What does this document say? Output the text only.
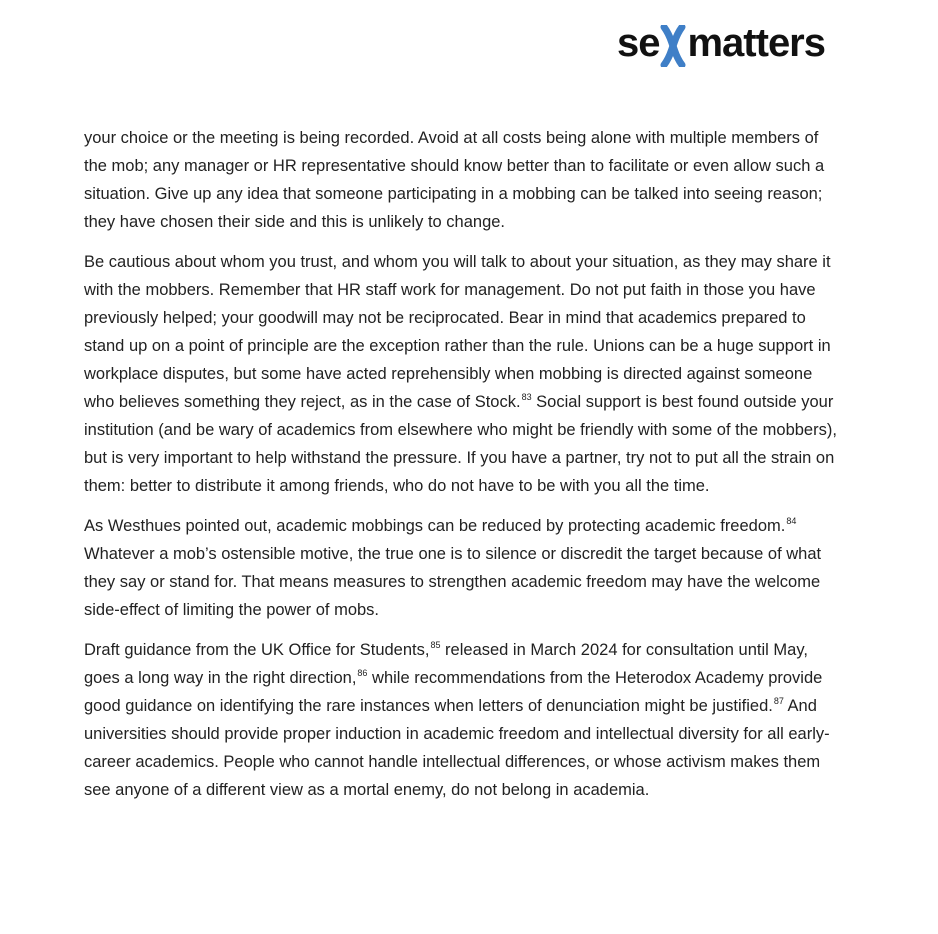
se matters

your choice or the meeting is being recorded. Avoid at all costs being alone with multiple members of the mob; any manager or HR representative should know better than to facilitate or even allow such a situation. Give up any idea that someone participating in a mobbing can be talked into seeing reason; they have chosen their side and this is unlikely to change.

Be cautious about whom you trust, and whom you will talk to about your situation, as they may share it with the mobbers. Remember that HR staff work for management. Do not put faith in those you have previously helped; your goodwill may not be reciprocated. Bear in mind that academics prepared to stand up on a point of principle are the exception rather than the rule. Unions can be a huge support in workplace disputes, but some have acted reprehensibly when mobbing is directed against someone who believes something they reject, as in the case of Stock.$^{83}$ Social support is best found outside your institution (and be wary of academics from elsewhere who might be friendly with some of the mobbers), but is very important to help withstand the pressure. If you have a partner, try not to put all the strain on them: better to distribute it among friends, who do not have to be with you all the time.

As Westhues pointed out, academic mobbings can be reduced by protecting academic freedom.$^{84}$ Whatever a mob’s ostensible motive, the true one is to silence or discredit the target because of what they say or stand for. That means measures to strengthen academic freedom may have the welcome side-effect of limiting the power of mobs.

Draft guidance from the UK Office for Students,$^{85}$ released in March 2024 for consultation until May, goes a long way in the right direction,$^{86}$ while recommendations from the Heterodox Academy provide good guidance on identifying the rare instances when letters of denunciation might be justified.$^{87}$ And universities should provide proper induction in academic freedom and intellectual diversity for all early-career academics. People who cannot handle intellectual differences, or whose activism makes them see anyone of a different view as a mortal enemy, do not belong in academia.
